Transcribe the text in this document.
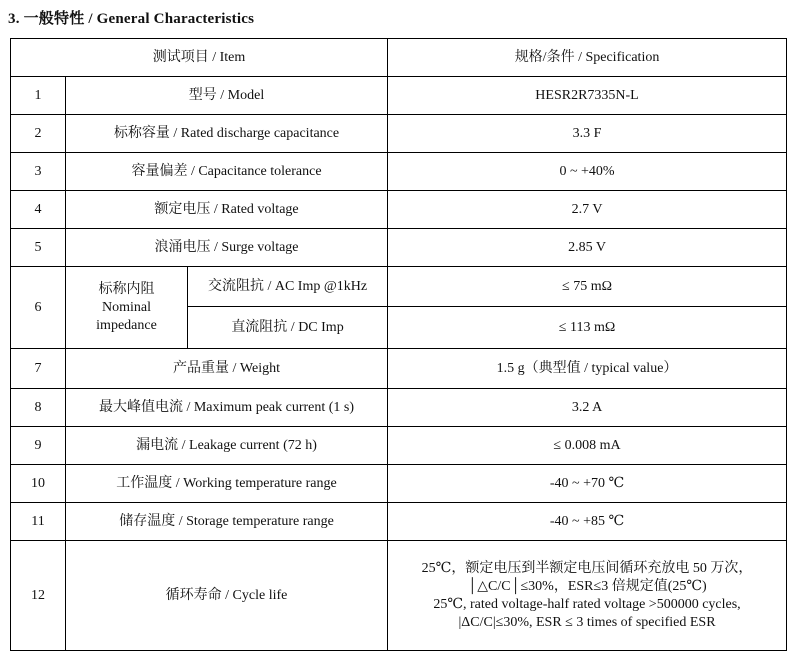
3. 一般特性 / General Characteristics
测试项目 / Item			规格/条件 / Specification
1	型号 / Model		HESR2R7335N-L
2	标称容量 / Rated discharge capacitance		3.3 F
3	容量偏差 / Capacitance tolerance		0 ~ +40%
4	额定电压 / Rated voltage		2.7 V
5	浪涌电压 / Surge voltage		2.85 V
6	标称内阻
Nominal
impedance	交流阻抗 / AC Imp @1kHz	≤ 75 mΩ
		直流阻抗 / DC Imp	≤ 113 mΩ
7	产品重量 / Weight		1.5 g（典型值 / typical value）
8	最大峰值电流 / Maximum peak current (1 s)		3.2 A
9	漏电流 / Leakage current (72 h)		≤ 0.008 mA
10	工作温度 / Working temperature range		-40 ~ +70 ℃
11	储存温度 / Storage temperature range		-40 ~ +85 ℃
12	循环寿命 / Cycle life		25℃，额定电压到半额定电压间循环充放电 50 万次，
│△C/C│≤30%，ESR≤3 倍规定值(25℃)
25℃, rated voltage-half rated voltage >500000 cycles,
|ΔC/C|≤30%, ESR ≤ 3 times of specified ESR
